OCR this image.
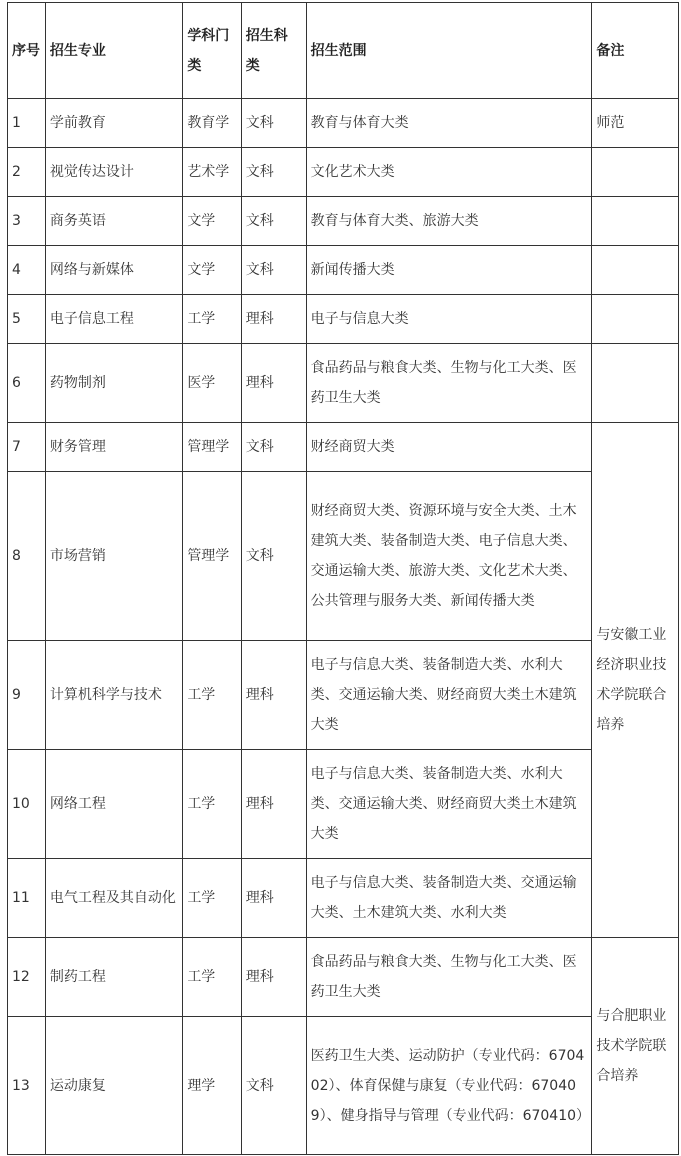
序号	招生专业	学科门类	招生科类	招生范围	备注
1	学前教育	教育学	文科	教育与体育大类	师范
2	视觉传达设计	艺术学	文科	文化艺术大类	
3	商务英语	文学	文科	教育与体育大类、旅游大类	
4	网络与新媒体	文学	文科	新闻传播大类	
5	电子信息工程	工学	理科	电子与信息大类	
6	药物制剂	医学	理科	食品药品与粮食大类、生物与化工大类、医药卫生大类	
7	财务管理	管理学	文科	财经商贸大类	与安徽工业经济职业技术学院联合培养
8	市场营销	管理学	文科	财经商贸大类、资源环境与安全大类、土木建筑大类、装备制造大类、电子信息大类、交通运输大类、旅游大类、文化艺术大类、公共管理与服务大类、新闻传播大类	
9	计算机科学与技术	工学	理科	电子与信息大类、装备制造大类、水利大类、交通运输大类、财经商贸大类土木建筑大类	
10	网络工程	工学	理科	电子与信息大类、装备制造大类、水利大类、交通运输大类、财经商贸大类土木建筑大类	
11	电气工程及其自动化	工学	理科	电子与信息大类、装备制造大类、交通运输大类、土木建筑大类、水利大类	
12	制药工程	工学	理科	食品药品与粮食大类、生物与化工大类、医药卫生大类	与合肥职业技术学院联合培养
13	运动康复	理学	文科	医药卫生大类、运动防护（专业代码：670402）、体育保健与康复（专业代码：670409）、健身指导与管理（专业代码：670410）	
